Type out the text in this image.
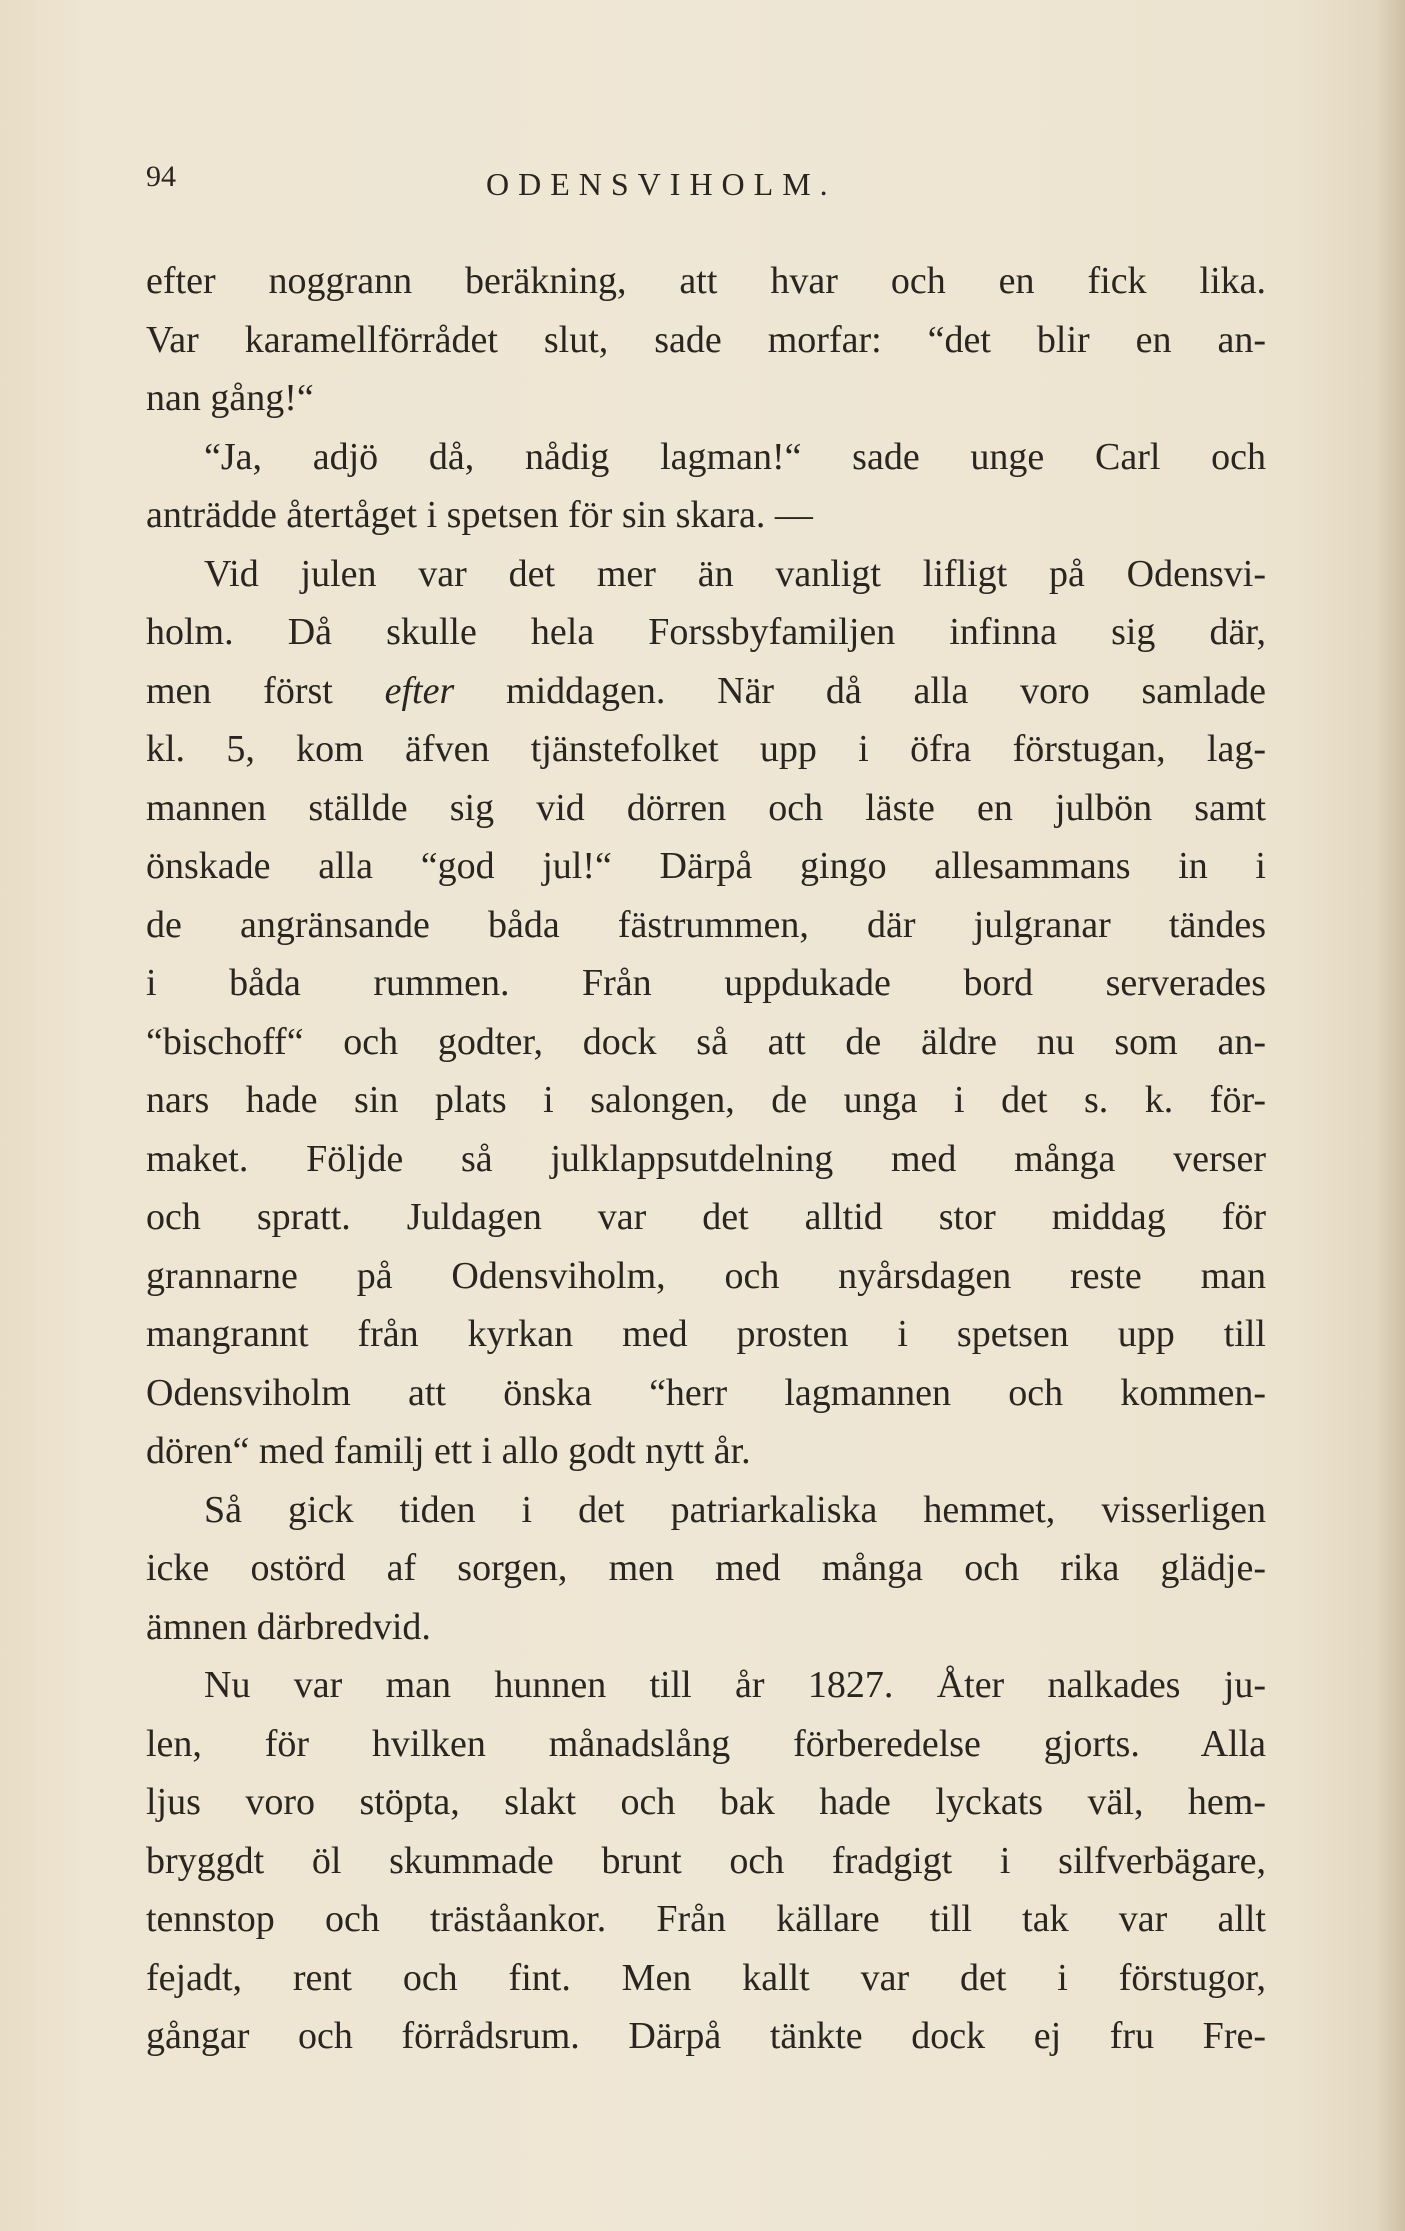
94	ODENSVIHOLM.
efter noggrann beräkning, att hvar och en fick lika.
Var karamellförrådet slut, sade morfar: “det blir en an-
nan gång!“
“Ja, adjö då, nådig lagman!“ sade unge Carl och
anträdde återtåget i spetsen för sin skara. —
Vid julen var det mer än vanligt lifligt på Odensvi-
holm. Då skulle hela Forssbyfamiljen infinna sig där,
men först efter middagen. När då alla voro samlade
kl. 5, kom äfven tjänstefolket upp i öfra förstugan, lag-
mannen ställde sig vid dörren och läste en julbön samt
önskade alla “god jul!“ Därpå gingo allesammans in i
de angränsande båda fästrummen, där julgranar tändes
i båda rummen. Från uppdukade bord serverades
“bischoff“ och godter, dock så att de äldre nu som an-
nars hade sin plats i salongen, de unga i det s. k. för-
maket. Följde så julklappsutdelning med många verser
och spratt. Juldagen var det alltid stor middag för
grannarne på Odensviholm, och nyårsdagen reste man
mangrannt från kyrkan med prosten i spetsen upp till
Odensviholm att önska “herr lagmannen och kommen-
dören“ med familj ett i allo godt nytt år.
Så gick tiden i det patriarkaliska hemmet, visserligen
icke ostörd af sorgen, men med många och rika glädje-
ämnen därbredvid.
Nu var man hunnen till år 1827. Åter nalkades ju-
len, för hvilken månadslång förberedelse gjorts. Alla
ljus voro stöpta, slakt och bak hade lyckats väl, hem-
bryggdt öl skummade brunt och fradgigt i silfverbägare,
tennstop och träståankor. Från källare till tak var allt
fejadt, rent och fint. Men kallt var det i förstugor,
gångar och förrådsrum. Därpå tänkte dock ej fru Fre-
